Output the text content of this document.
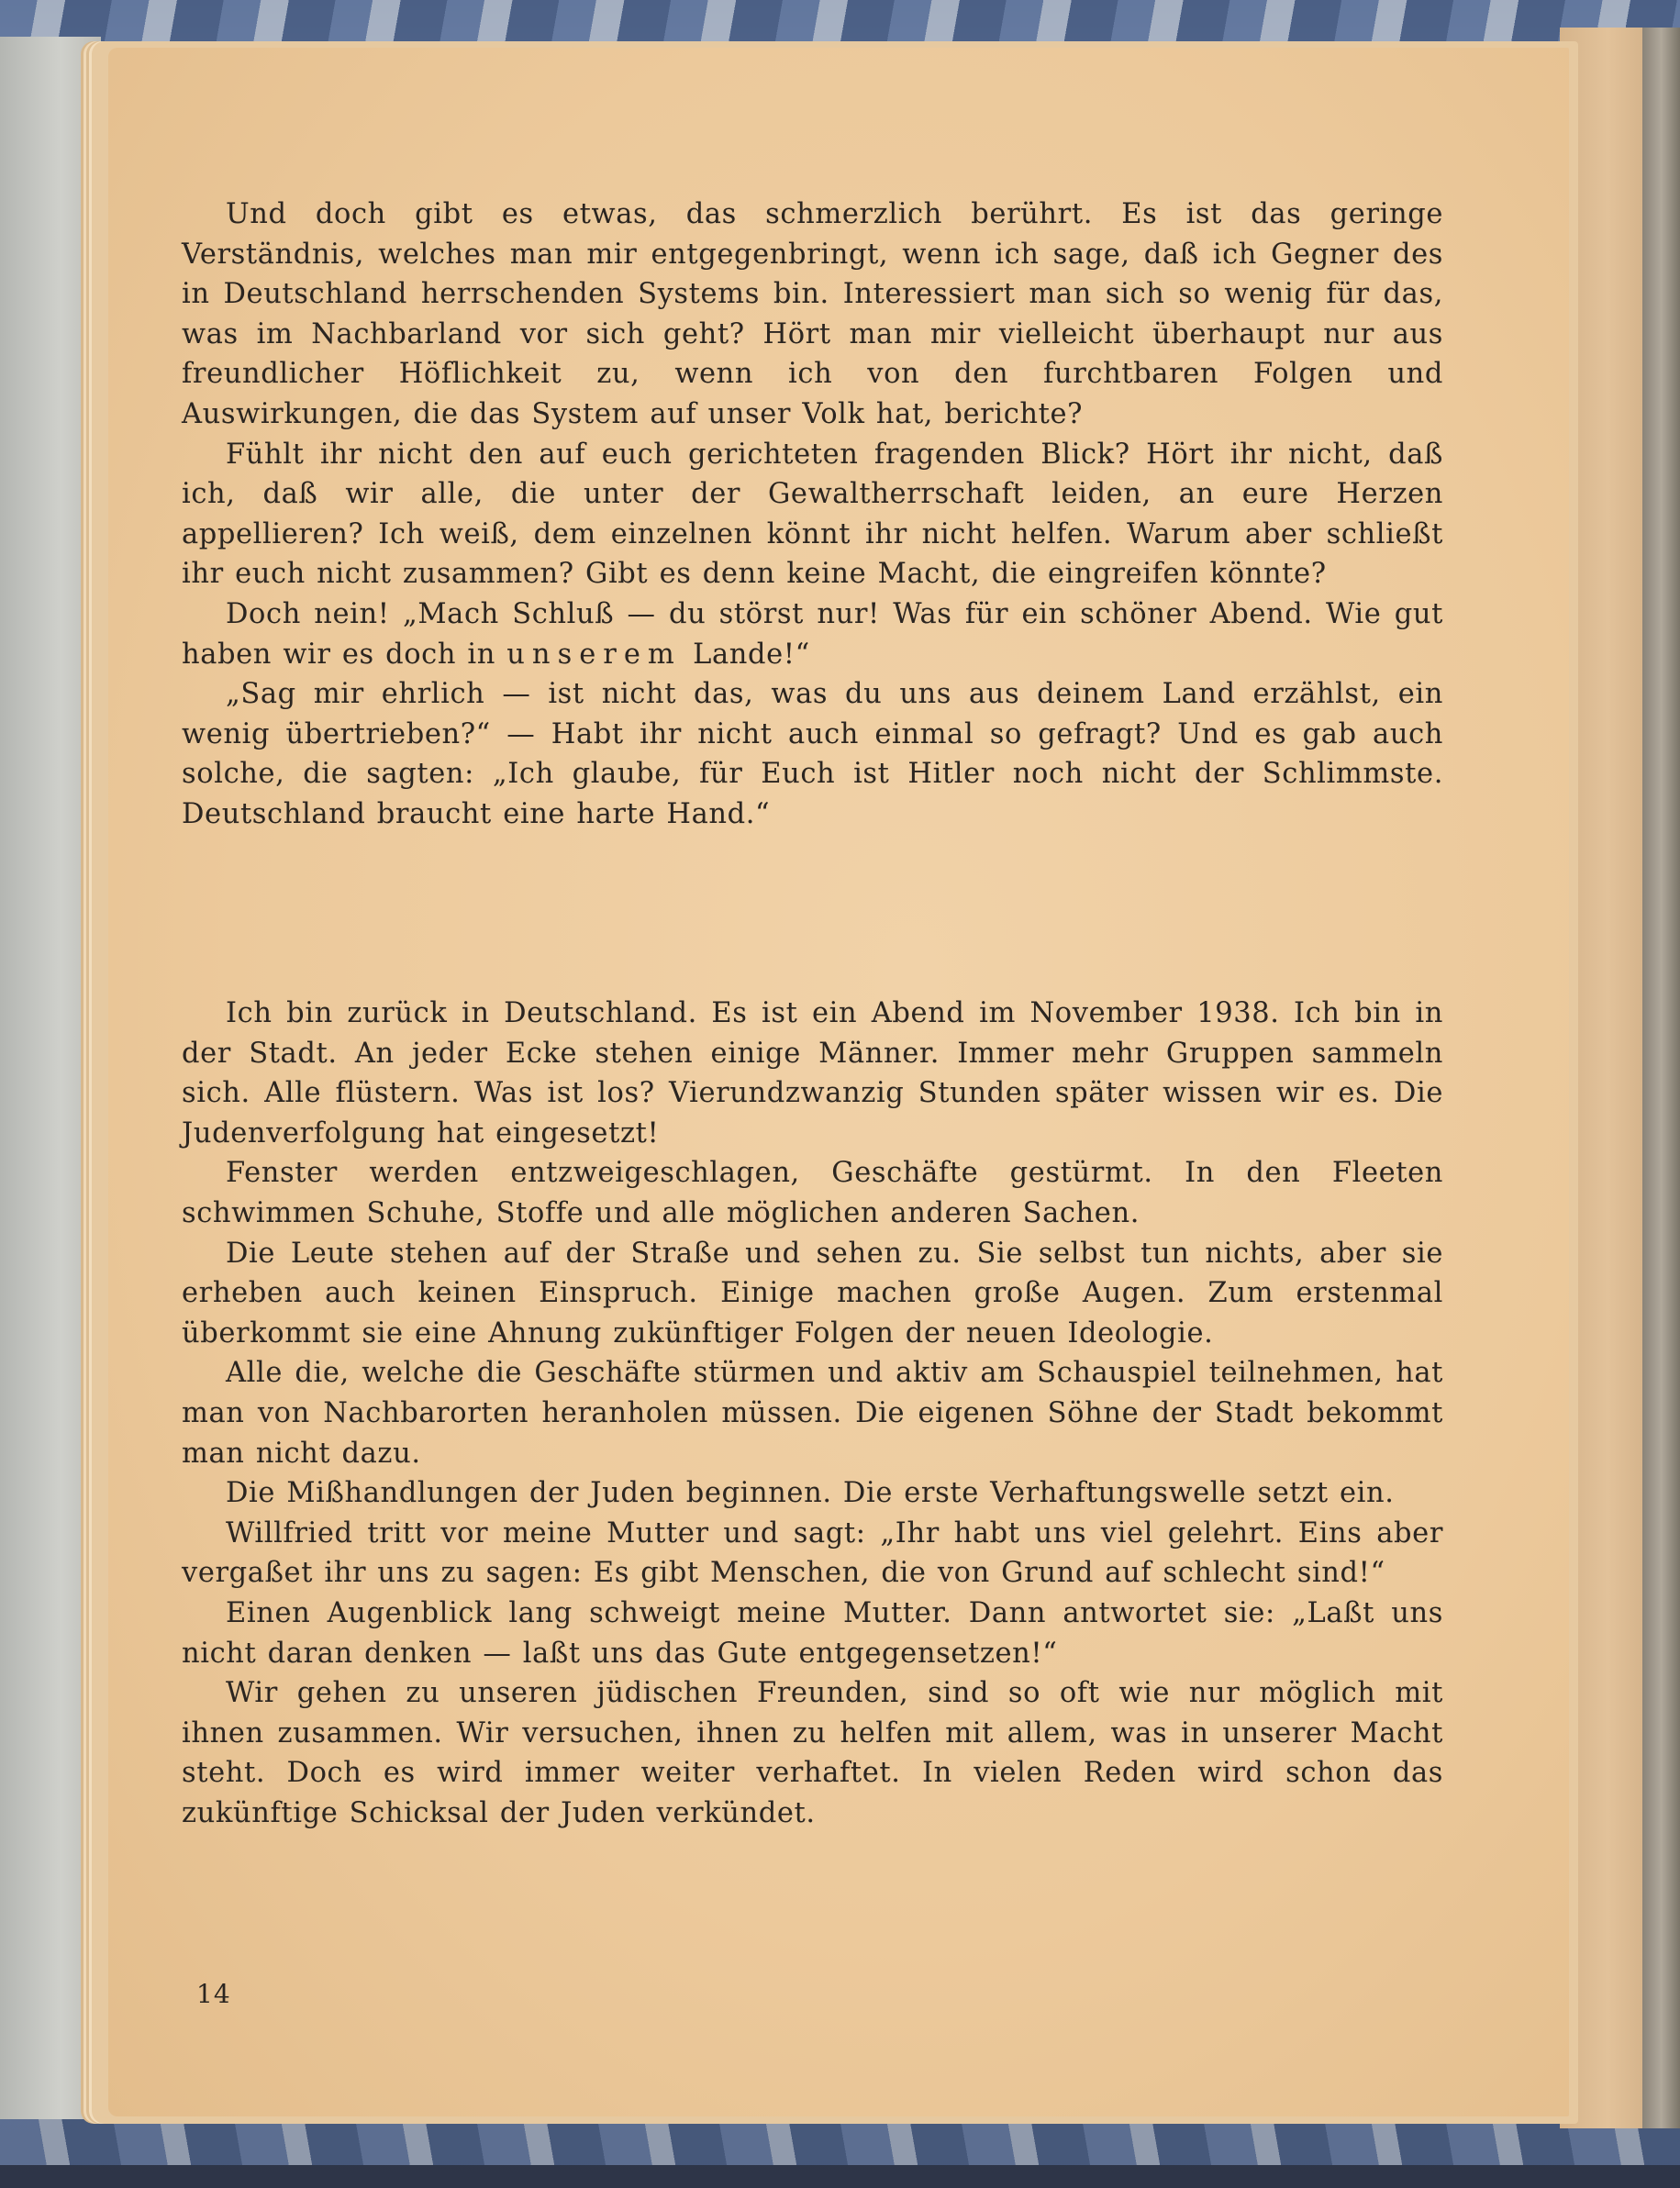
Und doch gibt es etwas, das schmerzlich berührt. Es ist das geringe Verständnis, welches man mir entgegenbringt, wenn ich sage, daß ich Gegner des in Deutschland herrschenden Systems bin. Interessiert man sich so wenig für das, was im Nachbarland vor sich geht? Hört man mir vielleicht überhaupt nur aus freundlicher Höflichkeit zu, wenn ich von den furchtbaren Folgen und Auswirkungen, die das System auf unser Volk hat, berichte?

Fühlt ihr nicht den auf euch gerichteten fragenden Blick? Hört ihr nicht, daß ich, daß wir alle, die unter der Gewaltherrschaft leiden, an eure Herzen appellieren? Ich weiß, dem einzelnen könnt ihr nicht helfen. Warum aber schließt ihr euch nicht zusammen? Gibt es denn keine Macht, die eingreifen könnte?

Doch nein! „Mach Schluß — du störst nur! Was für ein schöner Abend. Wie gut haben wir es doch in unserem Lande!“

„Sag mir ehrlich — ist nicht das, was du uns aus deinem Land erzählst, ein wenig übertrieben?“ — Habt ihr nicht auch einmal so gefragt? Und es gab auch solche, die sagten: „Ich glaube, für Euch ist Hitler noch nicht der Schlimmste. Deutschland braucht eine harte Hand.“

Ich bin zurück in Deutschland. Es ist ein Abend im November 1938. Ich bin in der Stadt. An jeder Ecke stehen einige Männer. Immer mehr Gruppen sammeln sich. Alle flüstern. Was ist los? Vierundzwanzig Stunden später wissen wir es. Die Judenverfolgung hat eingesetzt!

Fenster werden entzweigeschlagen, Geschäfte gestürmt. In den Fleeten schwimmen Schuhe, Stoffe und alle möglichen anderen Sachen.

Die Leute stehen auf der Straße und sehen zu. Sie selbst tun nichts, aber sie erheben auch keinen Einspruch. Einige machen große Augen. Zum erstenmal überkommt sie eine Ahnung zukünftiger Folgen der neuen Ideologie.

Alle die, welche die Geschäfte stürmen und aktiv am Schauspiel teilnehmen, hat man von Nachbarorten heranholen müssen. Die eigenen Söhne der Stadt bekommt man nicht dazu.

Die Mißhandlungen der Juden beginnen. Die erste Verhaftungswelle setzt ein.

Willfried tritt vor meine Mutter und sagt: „Ihr habt uns viel gelehrt. Eins aber vergaßet ihr uns zu sagen: Es gibt Menschen, die von Grund auf schlecht sind!“

Einen Augenblick lang schweigt meine Mutter. Dann antwortet sie: „Laßt uns nicht daran denken — laßt uns das Gute entgegensetzen!“

Wir gehen zu unseren jüdischen Freunden, sind so oft wie nur möglich mit ihnen zusammen. Wir versuchen, ihnen zu helfen mit allem, was in unserer Macht steht. Doch es wird immer weiter verhaftet. In vielen Reden wird schon das zukünftige Schicksal der Juden verkündet.

14
